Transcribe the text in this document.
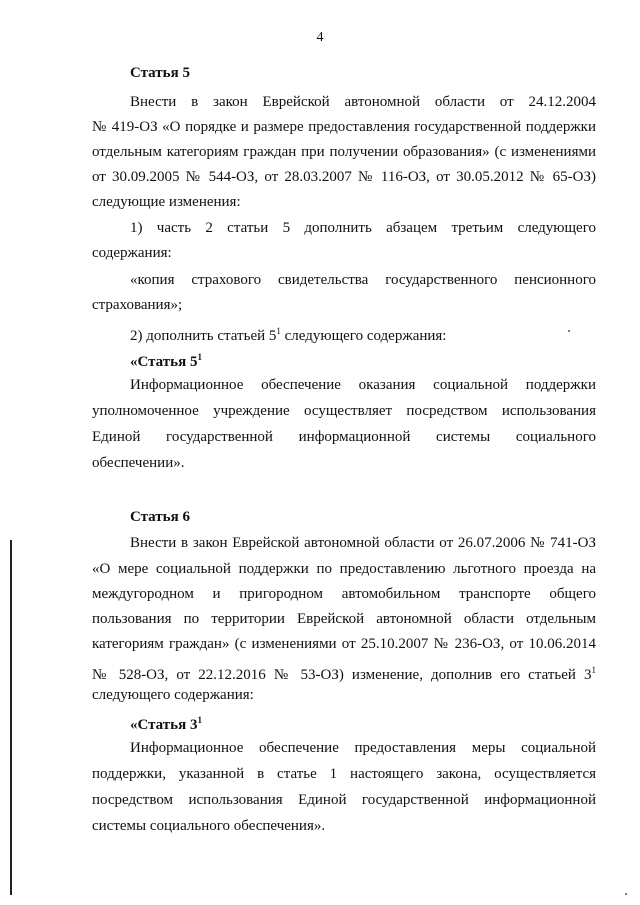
4
Статья 5
Внести в закон Еврейской автономной области от 24.12.2004
№ 419-ОЗ «О порядке и размере предоставления государственной поддержки
отдельным категориям граждан при получении образования» (с изменениями
от 30.09.2005 № 544-ОЗ, от 28.03.2007 № 116-ОЗ, от 30.05.2012 № 65-ОЗ)
следующие изменения:
1) часть 2 статьи 5 дополнить абзацем третьим следующего
содержания:
«копия страхового свидетельства государственного пенсионного
страхования»;
2) дополнить статьей $5^1$ следующего содержания:
«Статья $5^1$
Информационное обеспечение оказания социальной поддержки
уполномоченное учреждение осуществляет посредством использования
Единой государственной информационной системы социального
обеспечении».
Статья 6
Внести в закон Еврейской автономной области от 26.07.2006 № 741-ОЗ
«О мере социальной поддержки по предоставлению льготного проезда на
междугородном и пригородном автомобильном транспорте общего
пользования по территории Еврейской автономной области отдельным
категориям граждан» (с изменениями от 25.10.2007 № 236-ОЗ, от 10.06.2014
№ 528-ОЗ, от 22.12.2016 № 53-ОЗ) изменение, дополнив его статьей $3^1$
следующего содержания:
«Статья $3^1$
Информационное обеспечение предоставления меры социальной
поддержки, указанной в статье 1 настоящего закона, осуществляется
посредством использования Единой государственной информационной
системы социального обеспечения».
